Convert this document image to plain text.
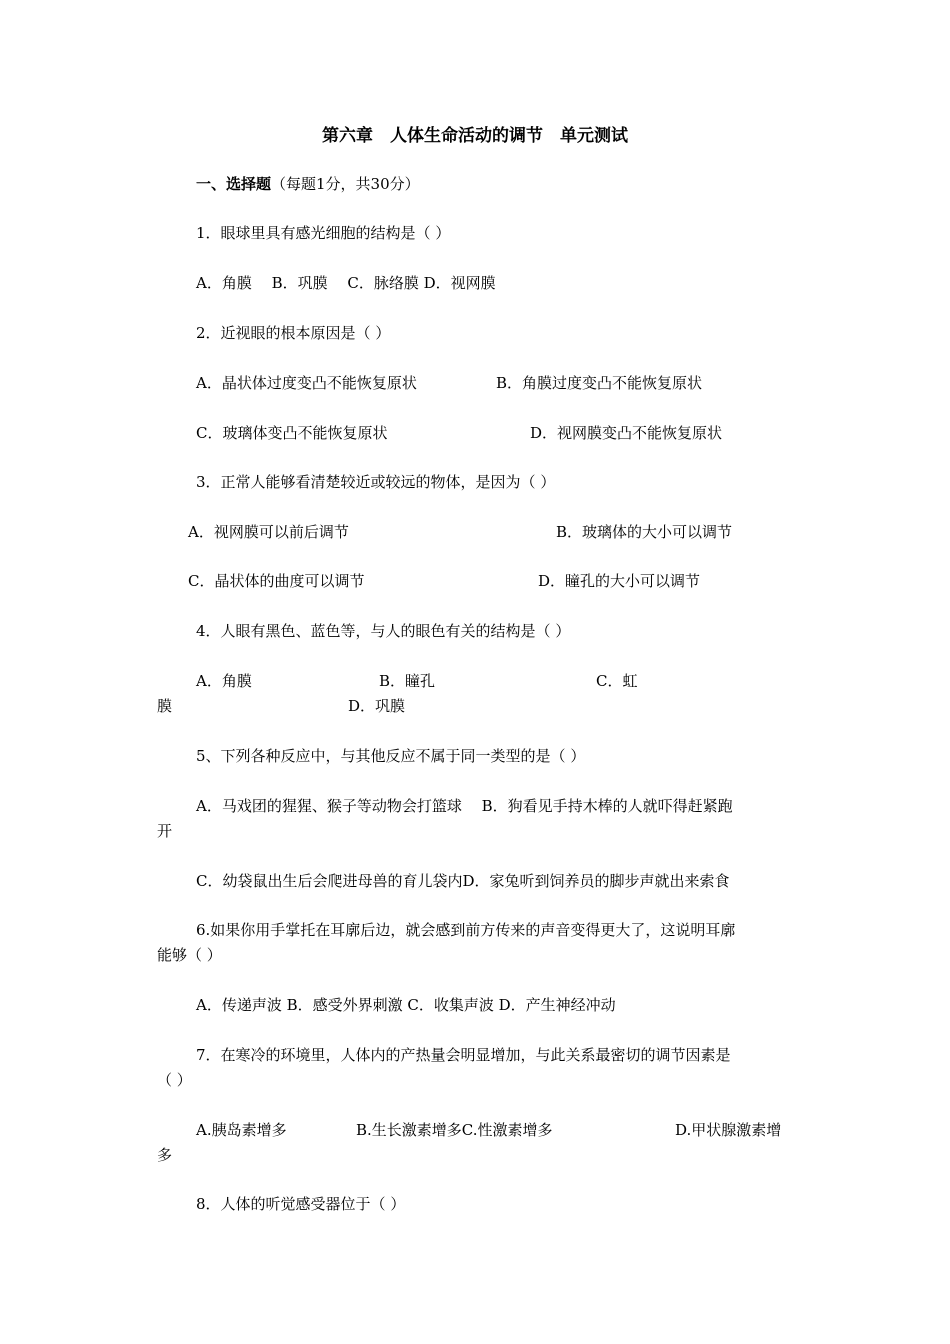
第六章　人体生命活动的调节　单元测试
一、选择题（每题1分，共30分）
1．眼球里具有感光细胞的结构是（ ）
A．角膜　 B．巩膜　 C．脉络膜 D．视网膜
2．近视眼的根本原因是（ ）
A．晶状体过度变凸不能恢复原状	B．角膜过度变凸不能恢复原状
C．玻璃体变凸不能恢复原状	D．视网膜变凸不能恢复原状
3．正常人能够看清楚较近或较远的物体，是因为（ ）
A．视网膜可以前后调节	B．玻璃体的大小可以调节
C．晶状体的曲度可以调节	D．瞳孔的大小可以调节
4．人眼有黑色、蓝色等，与人的眼色有关的结构是（ ）
A．角膜	B．瞳孔	C．虹
膜	D．巩膜
5、下列各种反应中，与其他反应不属于同一类型的是（ ）
A．马戏团的猩猩、猴子等动物会打篮球　 B．狗看见手持木棒的人就吓得赶紧跑
开
C．幼袋鼠出生后会爬进母兽的育儿袋内D．家兔听到饲养员的脚步声就出来索食
6.如果你用手掌托在耳廓后边，就会感到前方传来的声音变得更大了，这说明耳廓
能够（ ）
A．传递声波 B．感受外界刺激 C．收集声波 D．产生神经冲动
7．在寒冷的环境里，人体内的产热量会明显增加，与此关系最密切的调节因素是
（ ）
A.胰岛素增多	B.生长激素增多C.性激素增多	D.甲状腺激素增
多
8．人体的听觉感受器位于（ ）
